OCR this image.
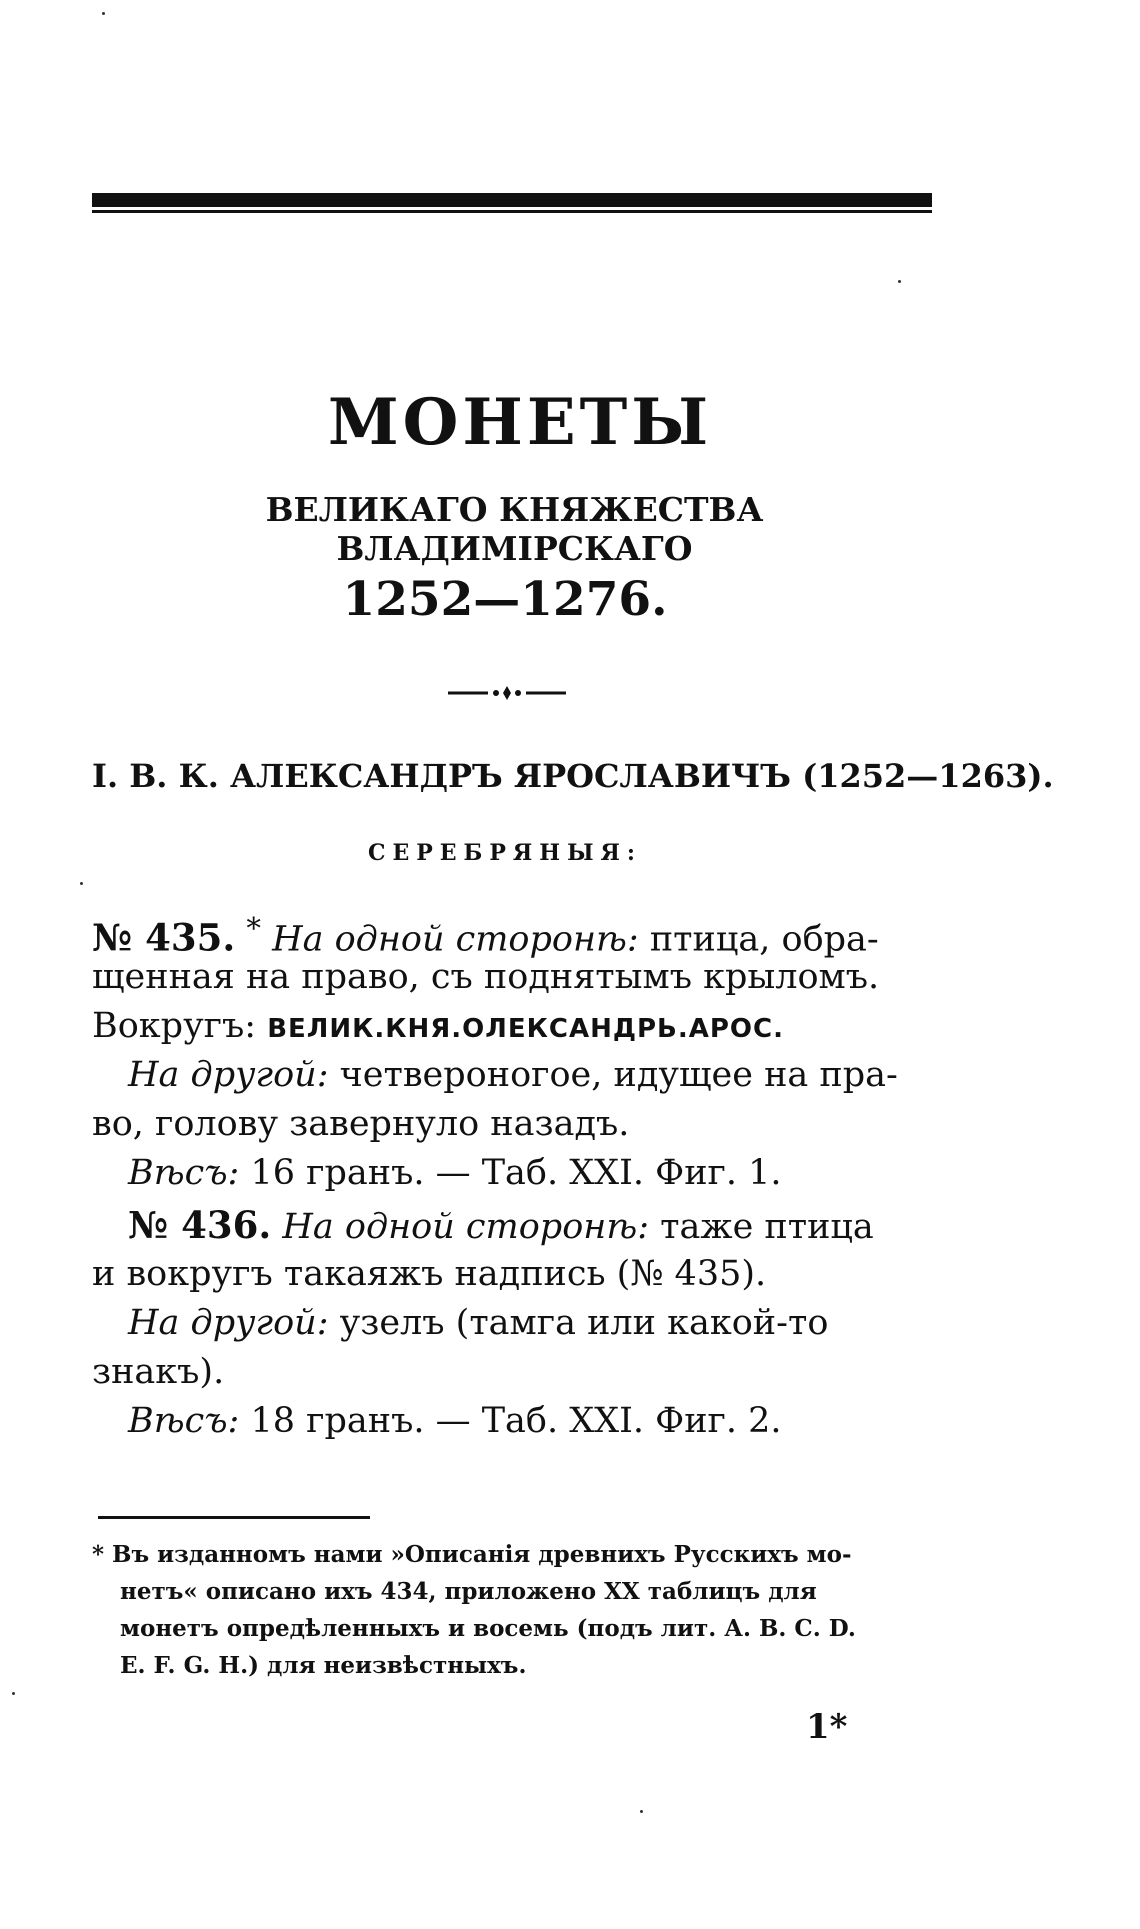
МОНЕТЫ
ВЕЛИКАГО КНЯЖЕСТВА ВЛАДИМІРСКАГО
1252—1276.
I. В. К. АЛЕКСАНДРЪ ЯРОСЛАВИЧЪ (1252—1263).
СЕРЕБРЯНЫЯ:
№ 435. * На одной сторонѣ: птица, обра-
щенная на право, съ поднятымъ крыломъ.
Вокругъ: ВЕЛИК.КНЯ.ОЛЕКСАНДРЬ.АРОС.
На другой: четвероногое, идущее на пра-
во, голову завернуло назадъ.
Вѣсъ: 16 гранъ. — Таб. XXI. Фиг. 1.
№ 436. На одной сторонѣ: таже птица
и вокругъ такаяжъ надпись (№ 435).
На другой: узелъ (тамга или какой-то
знакъ).
Вѣсъ: 18 гранъ. — Таб. XXI. Фиг. 2.
* Въ изданномъ нами »Описанія древнихъ Русскихъ мо-
нетъ« описано ихъ 434, приложено XX таблицъ для
монетъ опредѣленныхъ и восемь (подъ лит. А. В. С. D.
Е. F. G. Н.) для неизвѣстныхъ.
1*
